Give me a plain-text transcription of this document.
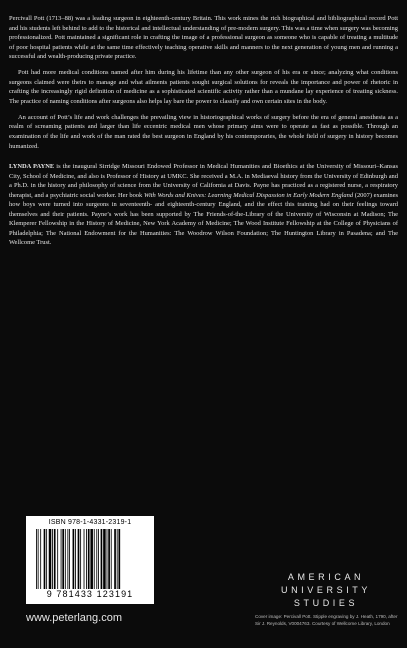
Percivall Pott (1713–88) was a leading surgeon in eighteenth-century Britain. This work mines the rich biographical and bibliographical record Pott and his students left behind to add to the historical and intellectual understanding of pre-modern surgery. This was a time when surgery was becoming professionalized. Pott maintained a significant role in crafting the image of a professional surgeon as someone who is capable of treating a multitude of poor hospital patients while at the same time effectively teaching operative skills and manners to the next generation of young men and running a successful and wealth-producing private practice.

Pott had more medical conditions named after him during his lifetime than any other surgeon of his era or since; analyzing what conditions surgeons claimed were theirs to manage and what ailments patients sought surgical solutions for reveals the importance and power of rhetoric in crafting the increasingly rigid definition of medicine as a sophisticated scientific activity rather than a mundane lay experience of treating sickness. The practice of naming conditions after surgeons also helps lay bare the power to classify and own certain sites in the body.

An account of Pott’s life and work challenges the prevailing view in historiographical works of surgery before the era of general anesthesia as a realm of screaming patients and larger than life eccentric medical men whose primary aims were to operate as fast as possible. Through an examination of the life and work of the man rated the best surgeon in England by his contemporaries, the whole field of surgery in history becomes humanized.

LYNDA PAYNE is the inaugural Sirridge Missouri Endowed Professor in Medical Humanities and Bioethics at the University of Missouri–Kansas City, School of Medicine, and also is Professor of History at UMKC. She received a M.A. in Mediaeval history from the University of Edinburgh and a Ph.D. in the history and philosophy of science from the University of California at Davis. Payne has practiced as a registered nurse, a respiratory therapist, and a psychiatric social worker. Her book With Words and Knives: Learning Medical Dispassion in Early Modern England (2007) examines how boys were turned into surgeons in seventeenth- and eighteenth-century England, and the effect this training had on their feelings toward themselves and their patients. Payne’s work has been supported by The Friends-of-the-Library of the University of Wisconsin at Madison; The Klemperer Fellowship in the History of Medicine, New York Academy of Medicine; The Wood Institute Fellowship at the College of Physicians of Philadelphia; The National Endowment for the Humanities: The Woodrow Wilson Foundation; The Huntington Library in Pasadena; and The Wellcome Trust.

ISBN 978-1-4331-2319-1
9 781433 123191
www.peterlang.com
AMERICAN
UNIVERSITY
STUDIES
Cover image: Percivall Pott. Stipple engraving by J. Heath, 1790, after Sir J. Reynolds, V0004763. Courtesy of Wellcome Library, London
